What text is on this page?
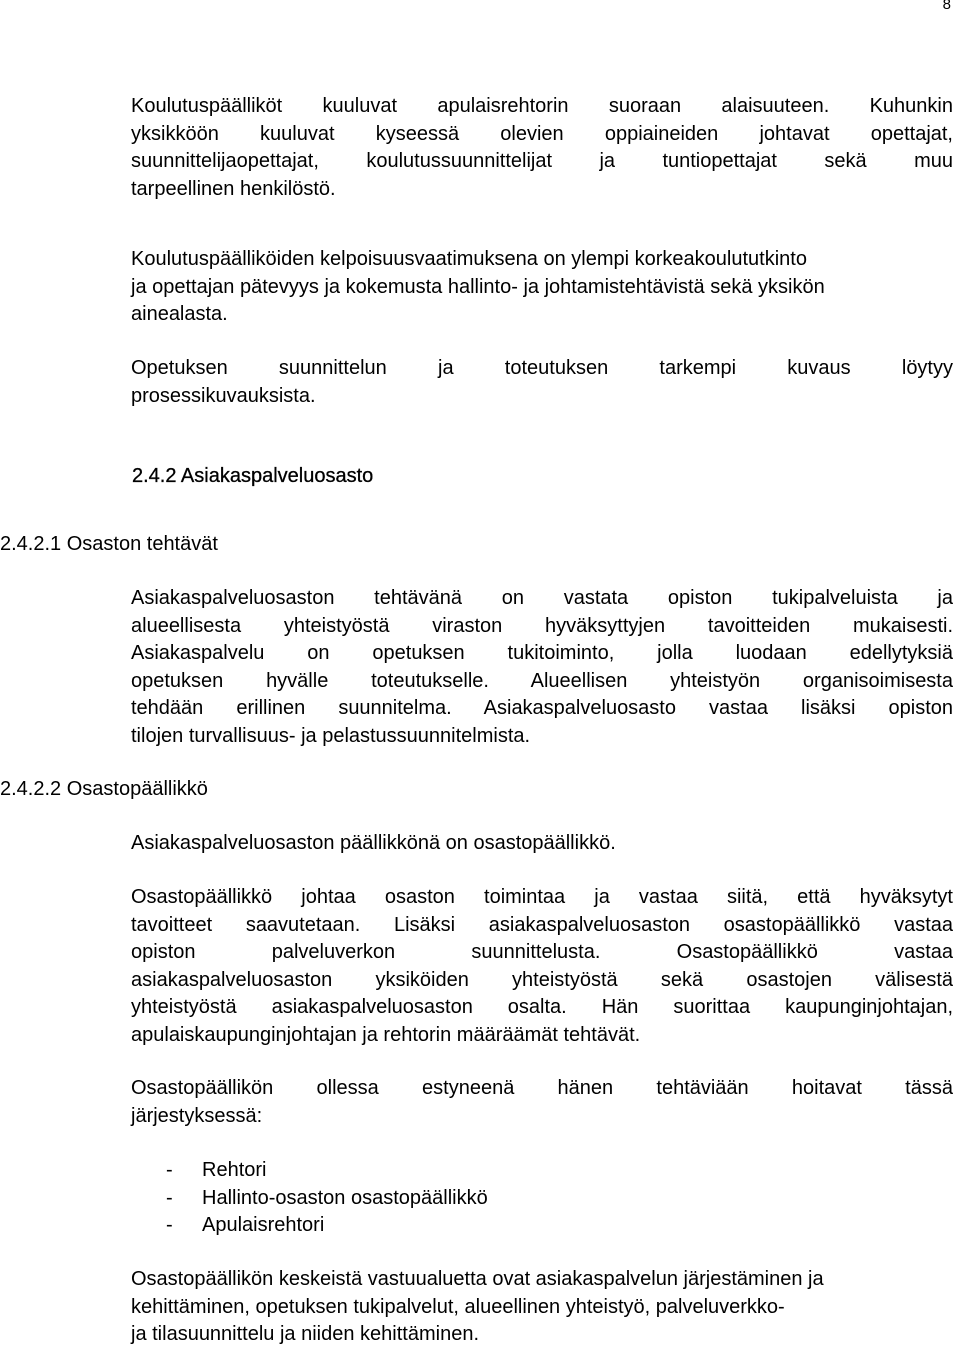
8
Koulutuspäälliköt kuuluvat apulaisrehtorin suoraan alaisuuteen. Kuhunkin
yksikköön kuuluvat kyseessä olevien oppiaineiden johtavat opettajat,
suunnittelijaopettajat, koulutussuunnittelijat ja tuntiopettajat sekä muu
tarpeellinen henkilöstö.
Koulutuspäälliköiden kelpoisuusvaatimuksena on ylempi korkeakoulututkinto
ja opettajan pätevyys ja kokemusta hallinto- ja johtamistehtävistä sekä yksikön
ainealasta.
Opetuksen suunnittelun ja toteutuksen tarkempi kuvaus löytyy
prosessikuvauksista.
2.4.2 Asiakaspalveluosasto
2.4.2.1 Osaston tehtävät
Asiakaspalveluosaston tehtävänä on vastata opiston tukipalveluista ja
alueellisesta yhteistyöstä viraston hyväksyttyjen tavoitteiden mukaisesti.
Asiakaspalvelu on opetuksen tukitoiminto, jolla luodaan edellytyksiä
opetuksen hyvälle toteutukselle. Alueellisen yhteistyön organisoimisesta
tehdään erillinen suunnitelma. Asiakaspalveluosasto vastaa lisäksi opiston
tilojen turvallisuus- ja pelastussuunnitelmista.
2.4.2.2 Osastopäällikkö
Asiakaspalveluosaston päällikkönä on osastopäällikkö.
Osastopäällikkö johtaa osaston toimintaa ja vastaa siitä, että hyväksytyt
tavoitteet saavutetaan. Lisäksi asiakaspalveluosaston osastopäällikkö vastaa
opiston palveluverkon suunnittelusta. Osastopäällikkö vastaa
asiakaspalveluosaston yksiköiden yhteistyöstä sekä osastojen välisestä
yhteistyöstä asiakaspalveluosaston osalta. Hän suorittaa kaupunginjohtajan,
apulaiskaupunginjohtajan ja rehtorin määräämät tehtävät.
Osastopäällikön ollessa estyneenä hänen tehtäviään hoitavat tässä
järjestyksessä:
- Rehtori
- Hallinto-osaston osastopäällikkö
- Apulaisrehtori
Osastopäällikön keskeistä vastuualuetta ovat asiakaspalvelun järjestäminen ja
kehittäminen, opetuksen tukipalvelut, alueellinen yhteistyö, palveluverkko-
ja tilasuunnittelu ja niiden kehittäminen.
